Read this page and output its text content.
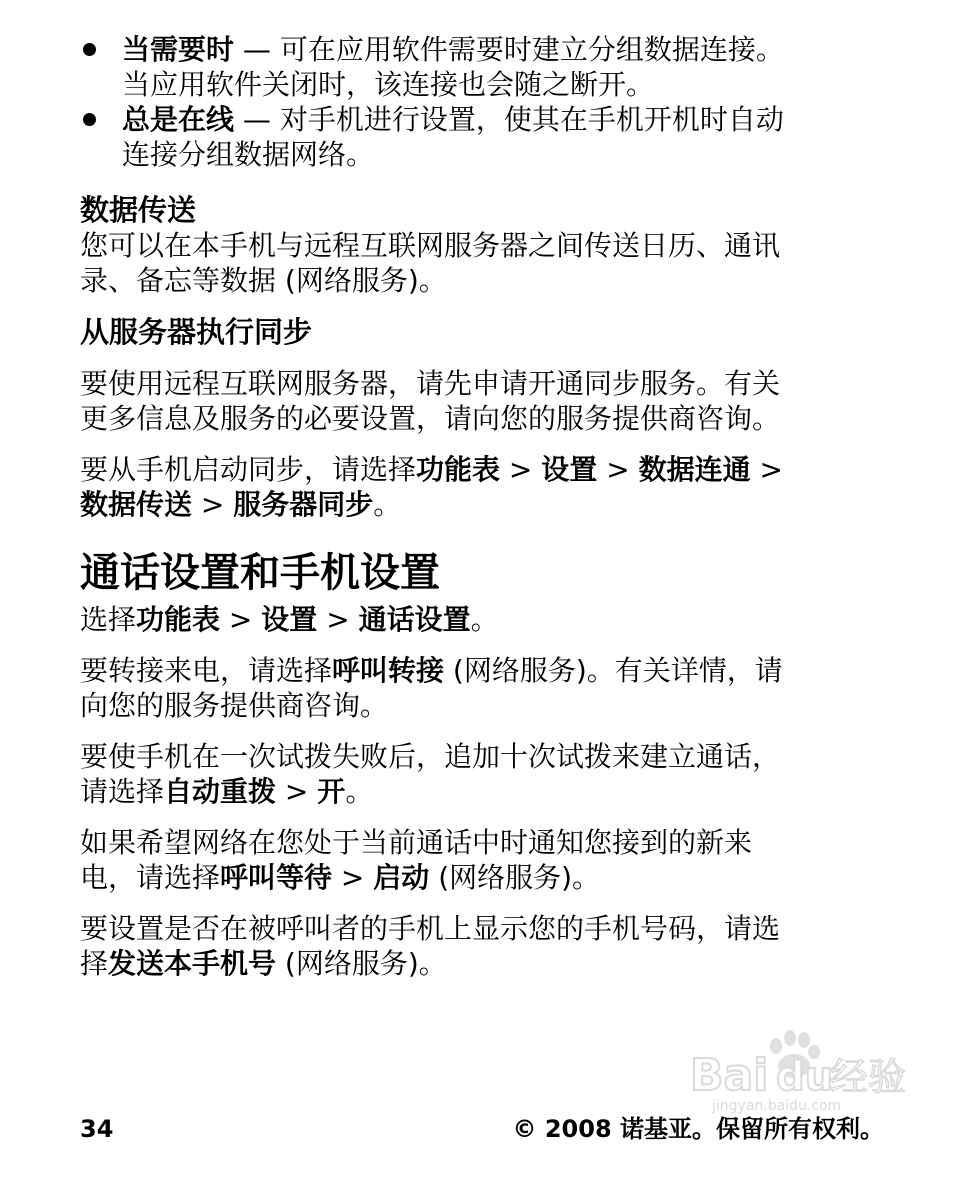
当需要时 — 可在应用软件需要时建立分组数据连接。
当应用软件关闭时，该连接也会随之断开。
总是在线 — 对手机进行设置，使其在手机开机时自动
连接分组数据网络。
数据传送

您可以在本手机与远程互联网服务器之间传送日历、通讯
录、备忘等数据 (网络服务)。

从服务器执行同步

要使用远程互联网服务器，请先申请开通同步服务。有关
更多信息及服务的必要设置，请向您的服务提供商咨询。

要从手机启动同步，请选择功能表 > 设置 > 数据连通 >
数据传送 > 服务器同步。

通话设置和手机设置

选择功能表 > 设置 > 通话设置。

要转接来电，请选择呼叫转接 (网络服务)。有关详情，请
向您的服务提供商咨询。

要使手机在一次试拨失败后，追加十次试拨来建立通话，
请选择自动重拨 > 开。

如果希望网络在您处于当前通话中时通知您接到的新来
电，请选择呼叫等待 > 启动 (网络服务)。

要设置是否在被呼叫者的手机上显示您的手机号码，请选
择发送本手机号 (网络服务)。

Bai du
经验
jingyan.baidu.com
34	© 2008 诺基亚。保留所有权利。
